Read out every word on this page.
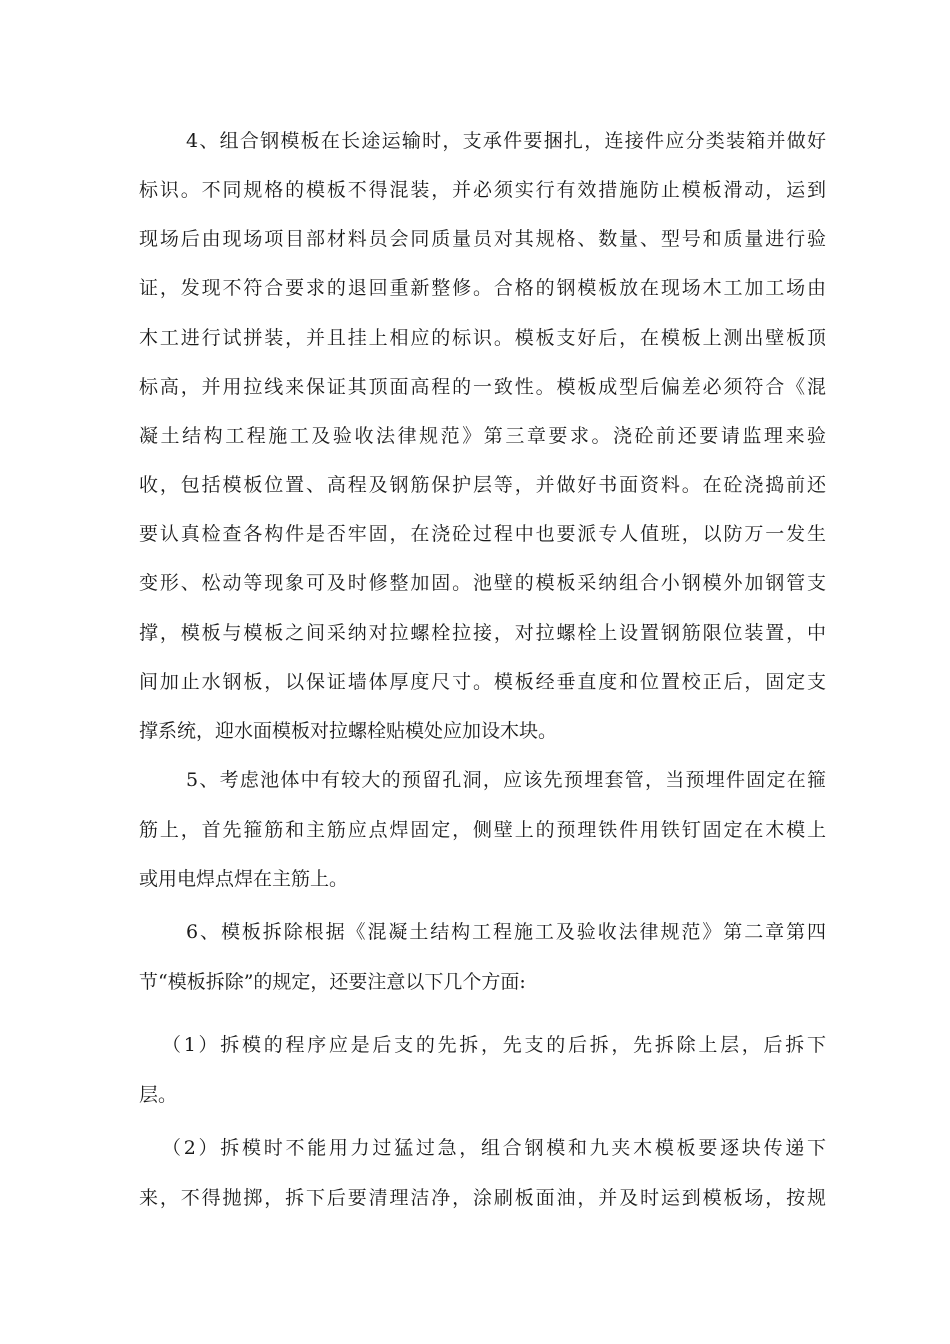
4、组合钢模板在长途运输时，支承件要捆扎，连接件应分类装箱并做好
标识。不同规格的模板不得混装，并必须实行有效措施防止模板滑动，运到
现场后由现场项目部材料员会同质量员对其规格、数量、型号和质量进行验
证，发现不符合要求的退回重新整修。合格的钢模板放在现场木工加工场由
木工进行试拼装，并且挂上相应的标识。模板支好后，在模板上测出壁板顶
标高，并用拉线来保证其顶面高程的一致性。模板成型后偏差必须符合《混
凝土结构工程施工及验收法律规范》第三章要求。浇砼前还要请监理来验
收，包括模板位置、高程及钢筋保护层等，并做好书面资料。在砼浇捣前还
要认真检查各构件是否牢固，在浇砼过程中也要派专人值班，以防万一发生
变形、松动等现象可及时修整加固。池壁的模板采纳组合小钢模外加钢管支
撑，模板与模板之间采纳对拉螺栓拉接，对拉螺栓上设置钢筋限位装置，中
间加止水钢板，以保证墙体厚度尺寸。模板经垂直度和位置校正后，固定支
撑系统，迎水面模板对拉螺栓贴模处应加设木块。
5、考虑池体中有较大的预留孔洞，应该先预埋套管，当预埋件固定在箍
筋上，首先箍筋和主筋应点焊固定，侧壁上的预理铁件用铁钉固定在木模上
或用电焊点焊在主筋上。
6、模板拆除根据《混凝土结构工程施工及验收法律规范》第二章第四
节“模板拆除”的规定，还要注意以下几个方面:
（1）拆模的程序应是后支的先拆，先支的后拆，先拆除上层，后拆下
层。
（2）拆模时不能用力过猛过急，组合钢模和九夹木模板要逐块传递下
来，不得抛掷，拆下后要清理洁净，涂刷板面油，并及时运到模板场，按规
